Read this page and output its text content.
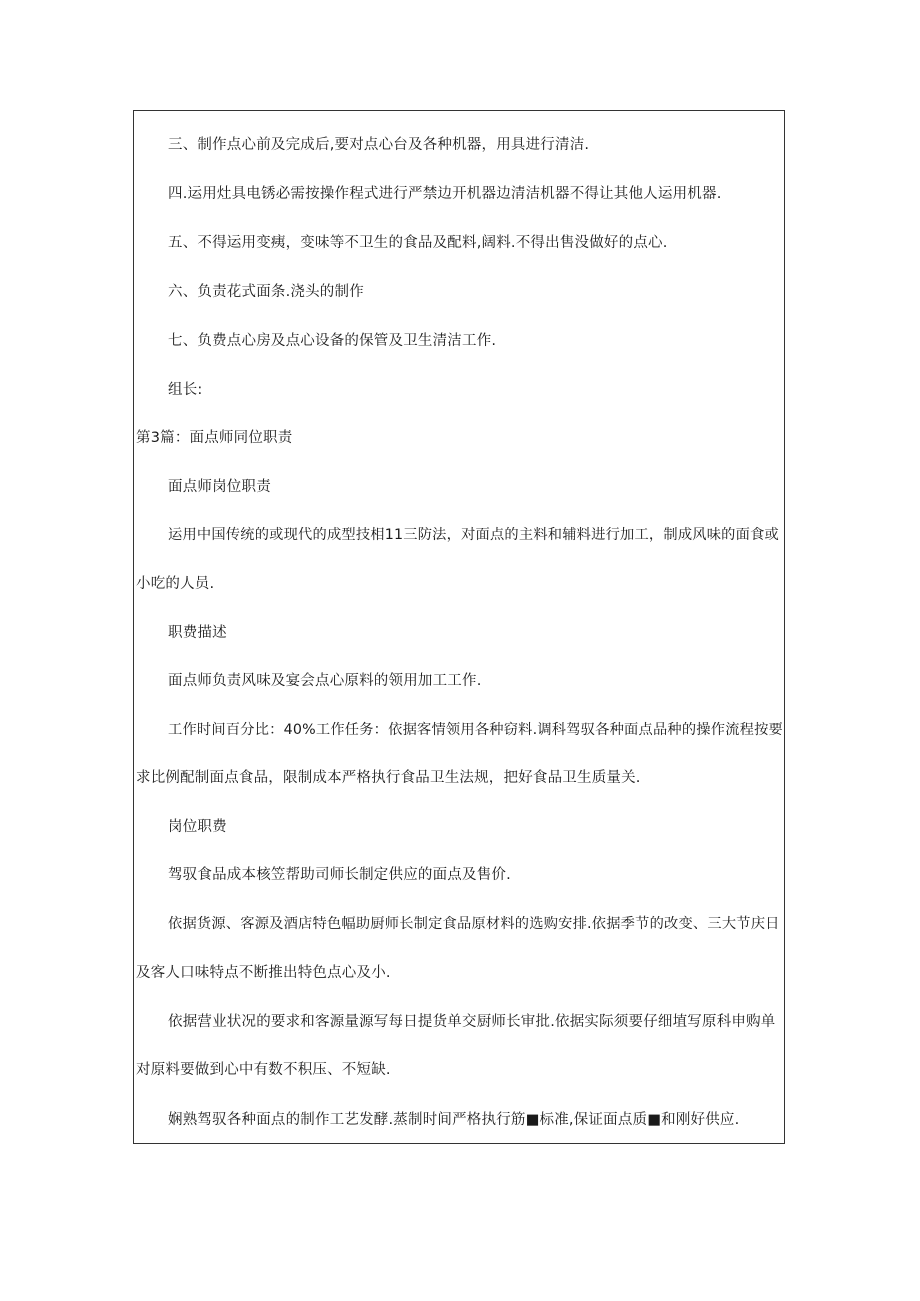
三、制作点心前及完成后,要对点心台及各种机器，用具进行清洁.
四.运用灶具电锈必需按操作程式进行严禁边开机器边清洁机器不得让其他人运用机器.
五、不得运用变痍，变味等不卫生的食品及配料,阔料.不得出售没做好的点心.
六、负责花式面条.浇头的制作
七、负费点心房及点心设备的保管及卫生清洁工作.
组长:
第3篇：面点师同位职责
面点师岗位职责
运用中国传统的或现代的成型技相11三防法，对面点的主料和辅料进行加工，制成风味的面食或
小吃的人员.
职费描述
面点师负责风味及宴会点心原料的领用加工工作.
工作时间百分比：40%工作任务：依据客情领用各种窃料.调科驾驭各种面点品种的操作流程按要
求比例配制面点食品，限制成本严格执行食品卫生法规，把好食品卫生质量关.
岗位职费
驾驭食品成本核笠帮助司师长制定供应的面点及售价.
依据货源、客源及酒店特色幅助厨师长制定食品原材料的选购安排.依据季节的改变、三大节庆日
及客人口味特点不断推出特色点心及小.
依据营业状况的要求和客源量源写每日提货单交厨师长审批.依据实际须要仔细埴写原科申购单
对原料要做到心中有数不积压、不短缺.
娴熟驾驭各种面点的制作工艺发酵.蒸制时间严格执行筋■标准,保证面点质■和刚好供应.
